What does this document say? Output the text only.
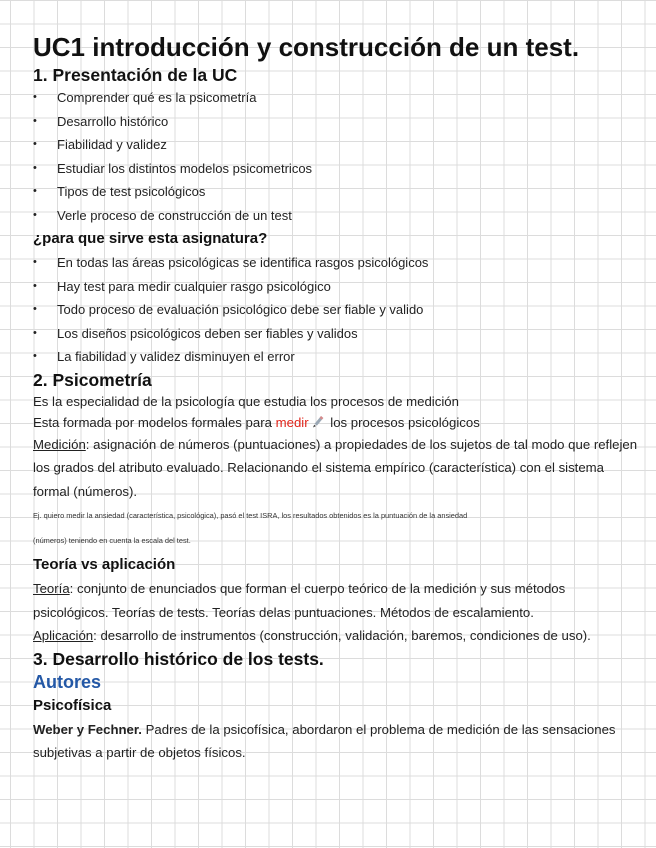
UC1 introducción y construcción de un test.
1. Presentación de la UC
• Comprender qué es la psicometría
• Desarrollo histórico
• Fiabilidad y validez
• Estudiar los distintos modelos psicometricos
• Tipos de test psicológicos
• Verle proceso de construcción de un test
¿para que sirve esta asignatura?
• En todas las áreas psicológicas se identifica rasgos psicológicos
• Hay test para medir cualquier rasgo psicológico
• Todo proceso de evaluación psicológico debe ser fiable y valido
• Los diseños psicológicos deben ser fiables y validos
• La fiabilidad y validez disminuyen el error
2. Psicometría

Es la especialidad de la psicología que estudia los procesos de medición

Esta formada por modelos formales para medir los procesos psicológicos

Medición: asignación de números (puntuaciones) a propiedades de los sujetos de tal modo que reflejen los grados del atributo evaluado. Relacionando el sistema empírico (característica) con el sistema formal (números).

Ej. quiero medir la ansiedad (característica, psicológica), pasó el test ISRA, los resultados obtenidos es la puntuación de la ansiedad

(números) teniendo en cuenta la escala del test.

Teoría vs aplicación

Teoría: conjunto de enunciados que forman el cuerpo teórico de la medición y sus métodos psicológicos. Teorías de tests. Teorías delas puntuaciones. Métodos de escalamiento.

Aplicación: desarrollo de instrumentos (construcción, validación, baremos, condiciones de uso).

3. Desarrollo histórico de los tests.
Autores
Psicofísica

Weber y Fechner. Padres de la psicofísica, abordaron el problema de medición de las sensaciones subjetivas a partir de objetos físicos.
